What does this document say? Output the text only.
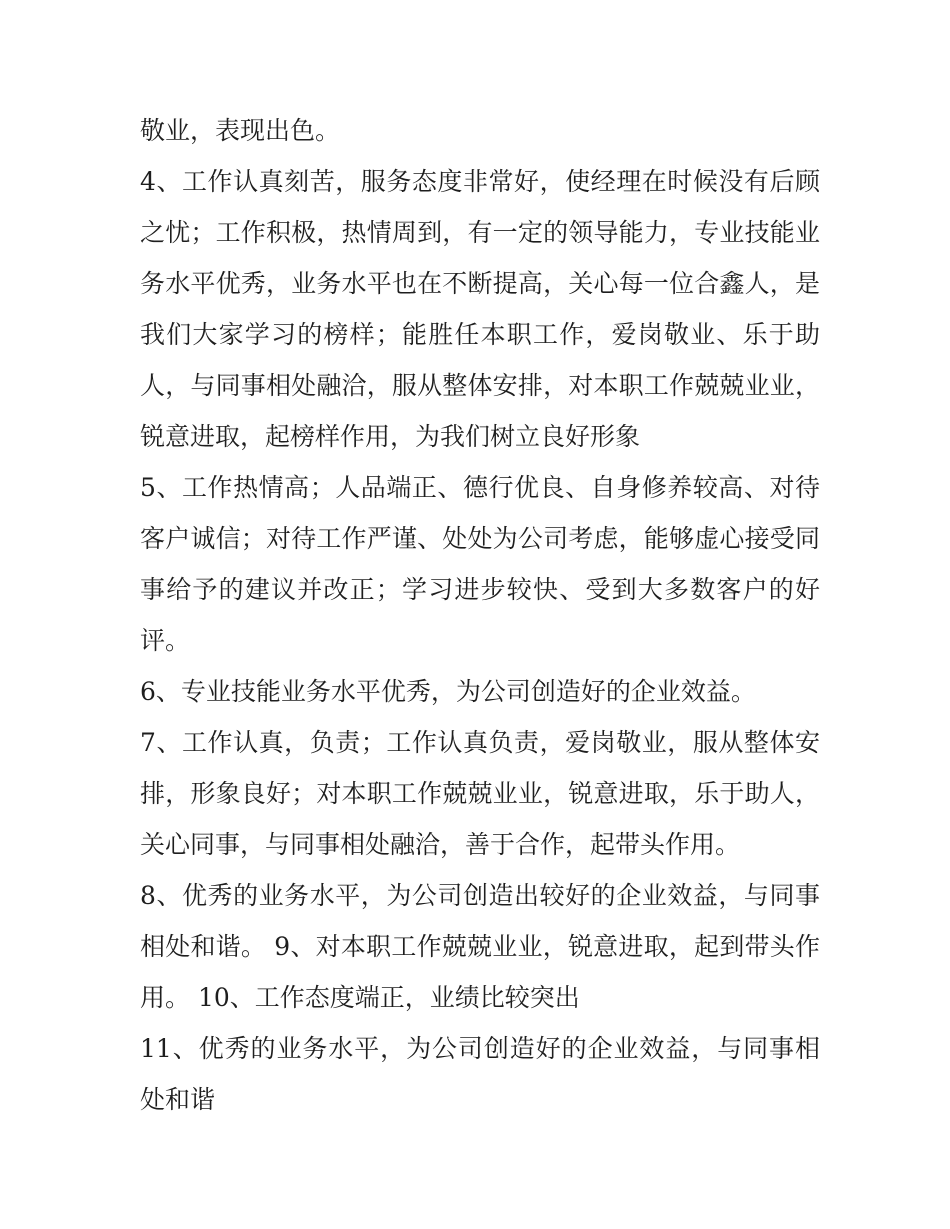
敬业，表现出色。

4、工作认真刻苦，服务态度非常好，使经理在时候没有后顾之忧；工作积极，热情周到，有一定的领导能力，专业技能业务水平优秀，业务水平也在不断提高，关心每一位合鑫人，是我们大家学习的榜样；能胜任本职工作，爱岗敬业、乐于助人，与同事相处融洽，服从整体安排，对本职工作兢兢业业，锐意进取，起榜样作用，为我们树立良好形象

5、工作热情高；人品端正、德行优良、自身修养较高、对待客户诚信；对待工作严谨、处处为公司考虑，能够虚心接受同事给予的建议并改正；学习进步较快、受到大多数客户的好评。

6、专业技能业务水平优秀，为公司创造好的企业效益。

7、工作认真，负责；工作认真负责，爱岗敬业，服从整体安排，形象良好；对本职工作兢兢业业，锐意进取，乐于助人，关心同事，与同事相处融洽，善于合作，起带头作用。

8、优秀的业务水平，为公司创造出较好的企业效益，与同事相处和谐。 9、对本职工作兢兢业业，锐意进取，起到带头作用。 10、工作态度端正，业绩比较突出

11、优秀的业务水平，为公司创造好的企业效益，与同事相处和谐
